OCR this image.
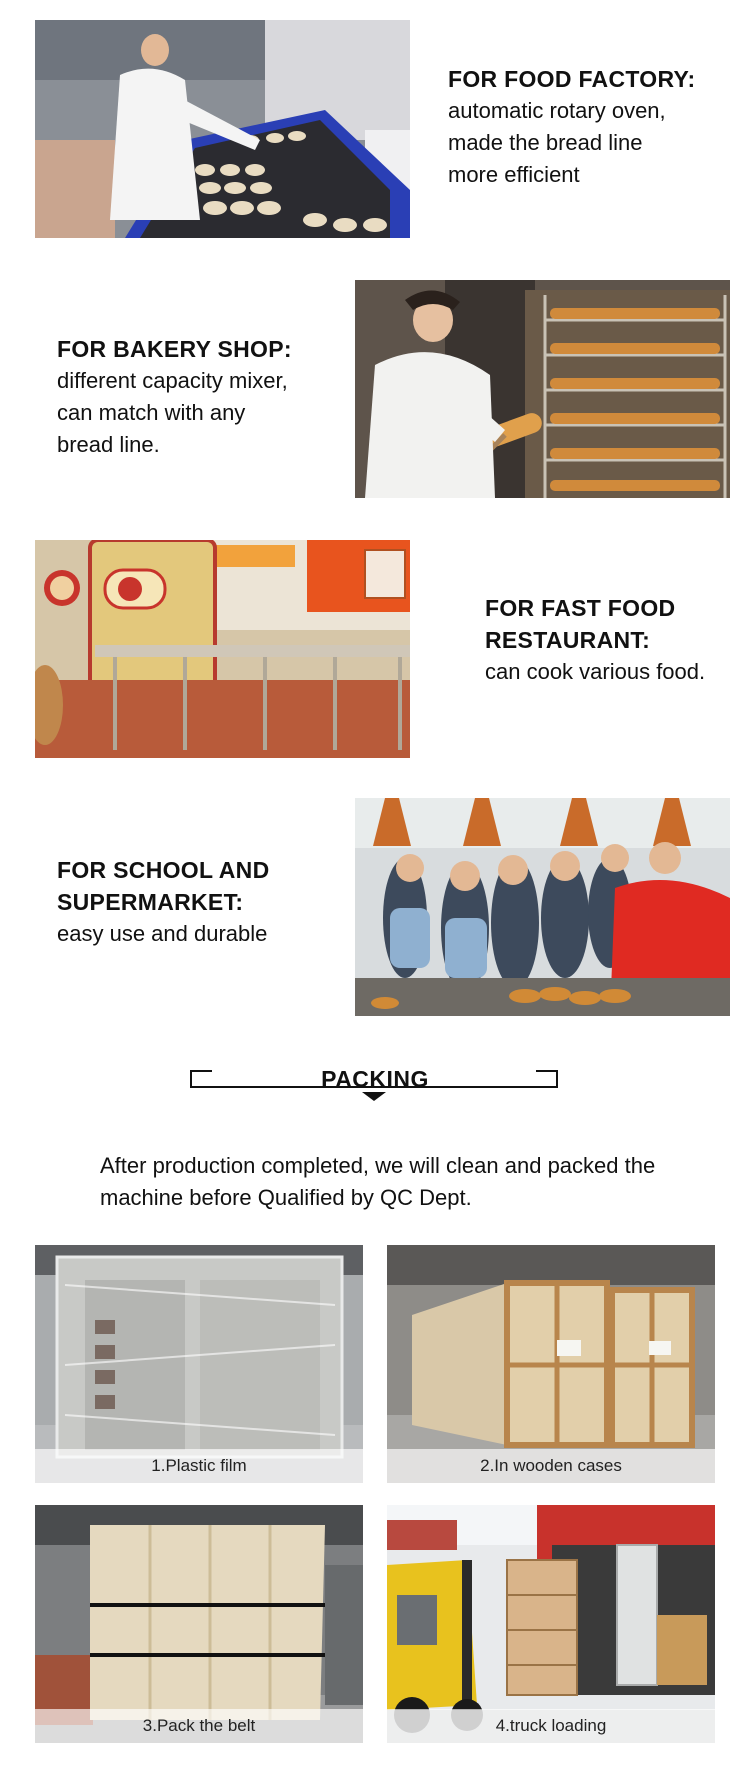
FOR FOOD FACTORY:
automatic rotary oven, made the bread line more efficient
FOR BAKERY SHOP:
different capacity mixer, can match with any bread line.
FOR FAST FOOD RESTAURANT:
can cook various food.
FOR SCHOOL AND SUPERMARKET:
easy use and durable
PACKING
After production completed, we will clean and packed the machine before Qualified by QC Dept.
1.Plastic film	2.In wooden cases
3.Pack the belt	4.truck loading
